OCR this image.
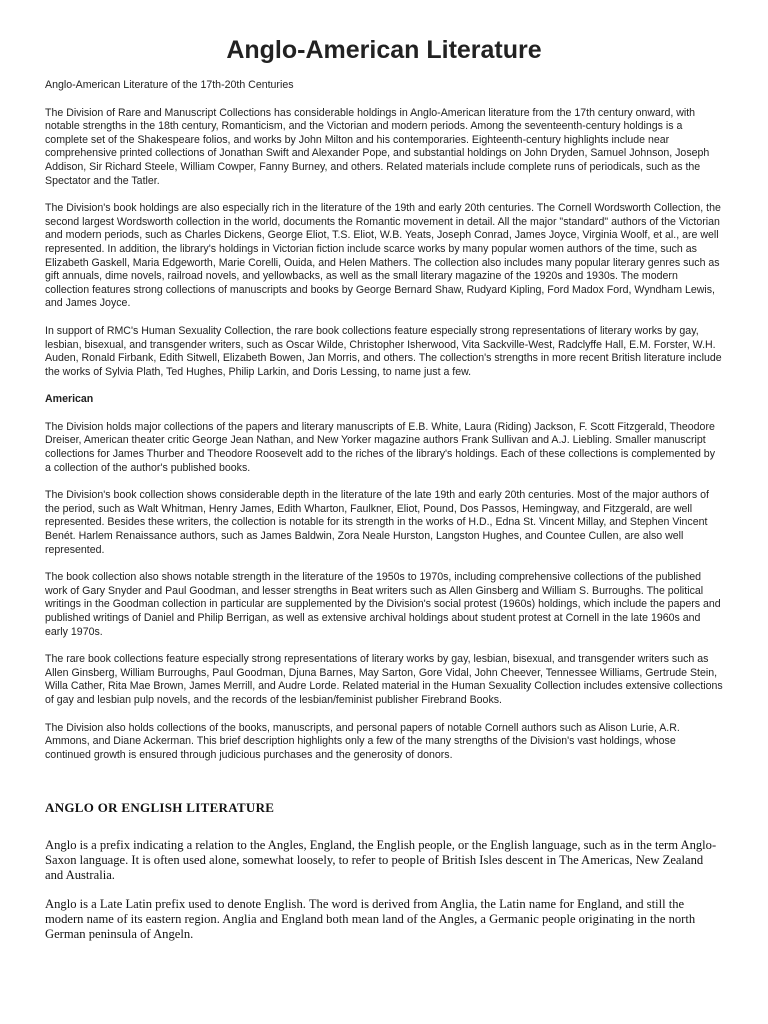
Anglo-American Literature

Anglo-American Literature of the 17th-20th Centuries

The Division of Rare and Manuscript Collections has considerable holdings in Anglo-American literature from the 17th century onward, with notable strengths in the 18th century, Romanticism, and the Victorian and modern periods. Among the seventeenth-century holdings is a complete set of the Shakespeare folios, and works by John Milton and his contemporaries. Eighteenth-century highlights include near comprehensive printed collections of Jonathan Swift and Alexander Pope, and substantial holdings on John Dryden, Samuel Johnson, Joseph Addison, Sir Richard Steele, William Cowper, Fanny Burney, and others. Related materials include complete runs of periodicals, such as the Spectator and the Tatler.

The Division's book holdings are also especially rich in the literature of the 19th and early 20th centuries. The Cornell Wordsworth Collection, the second largest Wordsworth collection in the world, documents the Romantic movement in detail. All the major "standard" authors of the Victorian and modern periods, such as Charles Dickens, George Eliot, T.S. Eliot, W.B. Yeats, Joseph Conrad, James Joyce, Virginia Woolf, et al., are well represented. In addition, the library's holdings in Victorian fiction include scarce works by many popular women authors of the time, such as Elizabeth Gaskell, Maria Edgeworth, Marie Corelli, Ouida, and Helen Mathers. The collection also includes many popular literary genres such as gift annuals, dime novels, railroad novels, and yellowbacks, as well as the small literary magazine of the 1920s and 1930s. The modern collection features strong collections of manuscripts and books by George Bernard Shaw, Rudyard Kipling, Ford Madox Ford, Wyndham Lewis, and James Joyce.

In support of RMC's Human Sexuality Collection, the rare book collections feature especially strong representations of literary works by gay, lesbian, bisexual, and transgender writers, such as Oscar Wilde, Christopher Isherwood, Vita Sackville-West, Radclyffe Hall, E.M. Forster, W.H. Auden, Ronald Firbank, Edith Sitwell, Elizabeth Bowen, Jan Morris, and others. The collection's strengths in more recent British literature include the works of Sylvia Plath, Ted Hughes, Philip Larkin, and Doris Lessing, to name just a few.

American

The Division holds major collections of the papers and literary manuscripts of E.B. White, Laura (Riding) Jackson, F. Scott Fitzgerald, Theodore Dreiser, American theater critic George Jean Nathan, and New Yorker magazine authors Frank Sullivan and A.J. Liebling. Smaller manuscript collections for James Thurber and Theodore Roosevelt add to the riches of the library's holdings. Each of these collections is complemented by a collection of the author's published books.

The Division's book collection shows considerable depth in the literature of the late 19th and early 20th centuries. Most of the major authors of the period, such as Walt Whitman, Henry James, Edith Wharton, Faulkner, Eliot, Pound, Dos Passos, Hemingway, and Fitzgerald, are well represented. Besides these writers, the collection is notable for its strength in the works of H.D., Edna St. Vincent Millay, and Stephen Vincent Benét. Harlem Renaissance authors, such as James Baldwin, Zora Neale Hurston, Langston Hughes, and Countee Cullen, are also well represented.

The book collection also shows notable strength in the literature of the 1950s to 1970s, including comprehensive collections of the published work of Gary Snyder and Paul Goodman, and lesser strengths in Beat writers such as Allen Ginsberg and William S. Burroughs. The political writings in the Goodman collection in particular are supplemented by the Division's social protest (1960s) holdings, which include the papers and published writings of Daniel and Philip Berrigan, as well as extensive archival holdings about student protest at Cornell in the late 1960s and early 1970s.

The rare book collections feature especially strong representations of literary works by gay, lesbian, bisexual, and transgender writers such as Allen Ginsberg, William Burroughs, Paul Goodman, Djuna Barnes, May Sarton, Gore Vidal, John Cheever, Tennessee Williams, Gertrude Stein, Willa Cather, Rita Mae Brown, James Merrill, and Audre Lorde. Related material in the Human Sexuality Collection includes extensive collections of gay and lesbian pulp novels, and the records of the lesbian/feminist publisher Firebrand Books.

The Division also holds collections of the books, manuscripts, and personal papers of notable Cornell authors such as Alison Lurie, A.R. Ammons, and Diane Ackerman. This brief description highlights only a few of the many strengths of the Division's vast holdings, whose continued growth is ensured through judicious purchases and the generosity of donors.

ANGLO OR ENGLISH LITERATURE

Anglo is a prefix indicating a relation to the Angles, England, the English people, or the English language, such as in the term Anglo-Saxon language. It is often used alone, somewhat loosely, to refer to people of British Isles descent in The Americas, New Zealand and Australia.

Anglo is a Late Latin prefix used to denote English. The word is derived from Anglia, the Latin name for England, and still the modern name of its eastern region. Anglia and England both mean land of the Angles, a Germanic people originating in the north German peninsula of Angeln.
